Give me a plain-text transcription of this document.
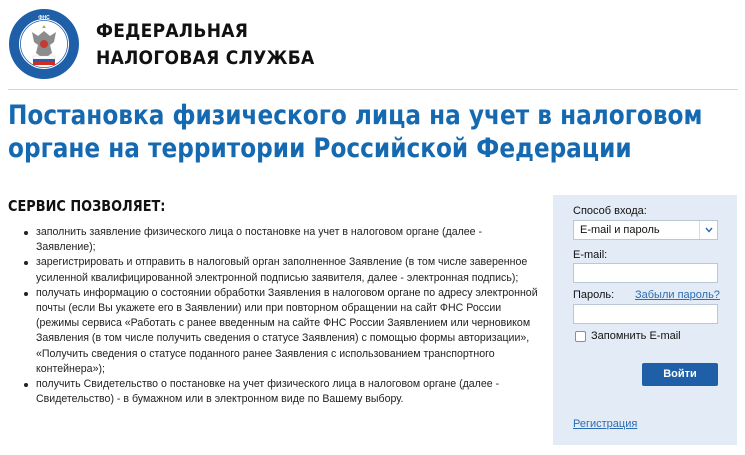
ФНС
ФЕДЕРАЛЬНАЯ
НАЛОГОВАЯ СЛУЖБА
Постановка физического лица на учет в налоговом органе на территории Российской Федерации
СЕРВИС ПОЗВОЛЯЕТ:
заполнить заявление физического лица о постановке на учет в налоговом органе (далее - Заявление);
зарегистрировать и отправить в налоговый орган заполненное Заявление (в том числе заверенное усиленной квалифицированной электронной подписью заявителя, далее - электронная подпись);
получать информацию о состоянии обработки Заявления в налоговом органе по адресу электронной почты (если Вы укажете его в Заявлении) или при повторном обращении на сайт ФНС России (режимы сервиса «Работать с ранее введенным на сайте ФНС России Заявлением или черновиком Заявления (в том числе получить сведения о статусе Заявления) с помощью формы авторизации», «Получить сведения о статусе поданного ранее Заявления с использованием транспортного контейнера»);
получить Свидетельство о постановке на учет физического лица в налоговом органе (далее - Свидетельство) - в бумажном или в электронном виде по Вашему выбору.
Способ входа:
E-mail и пароль
E-mail:
Пароль: Забыли пароль?
Запомнить E-mail
Войти
Регистрация
